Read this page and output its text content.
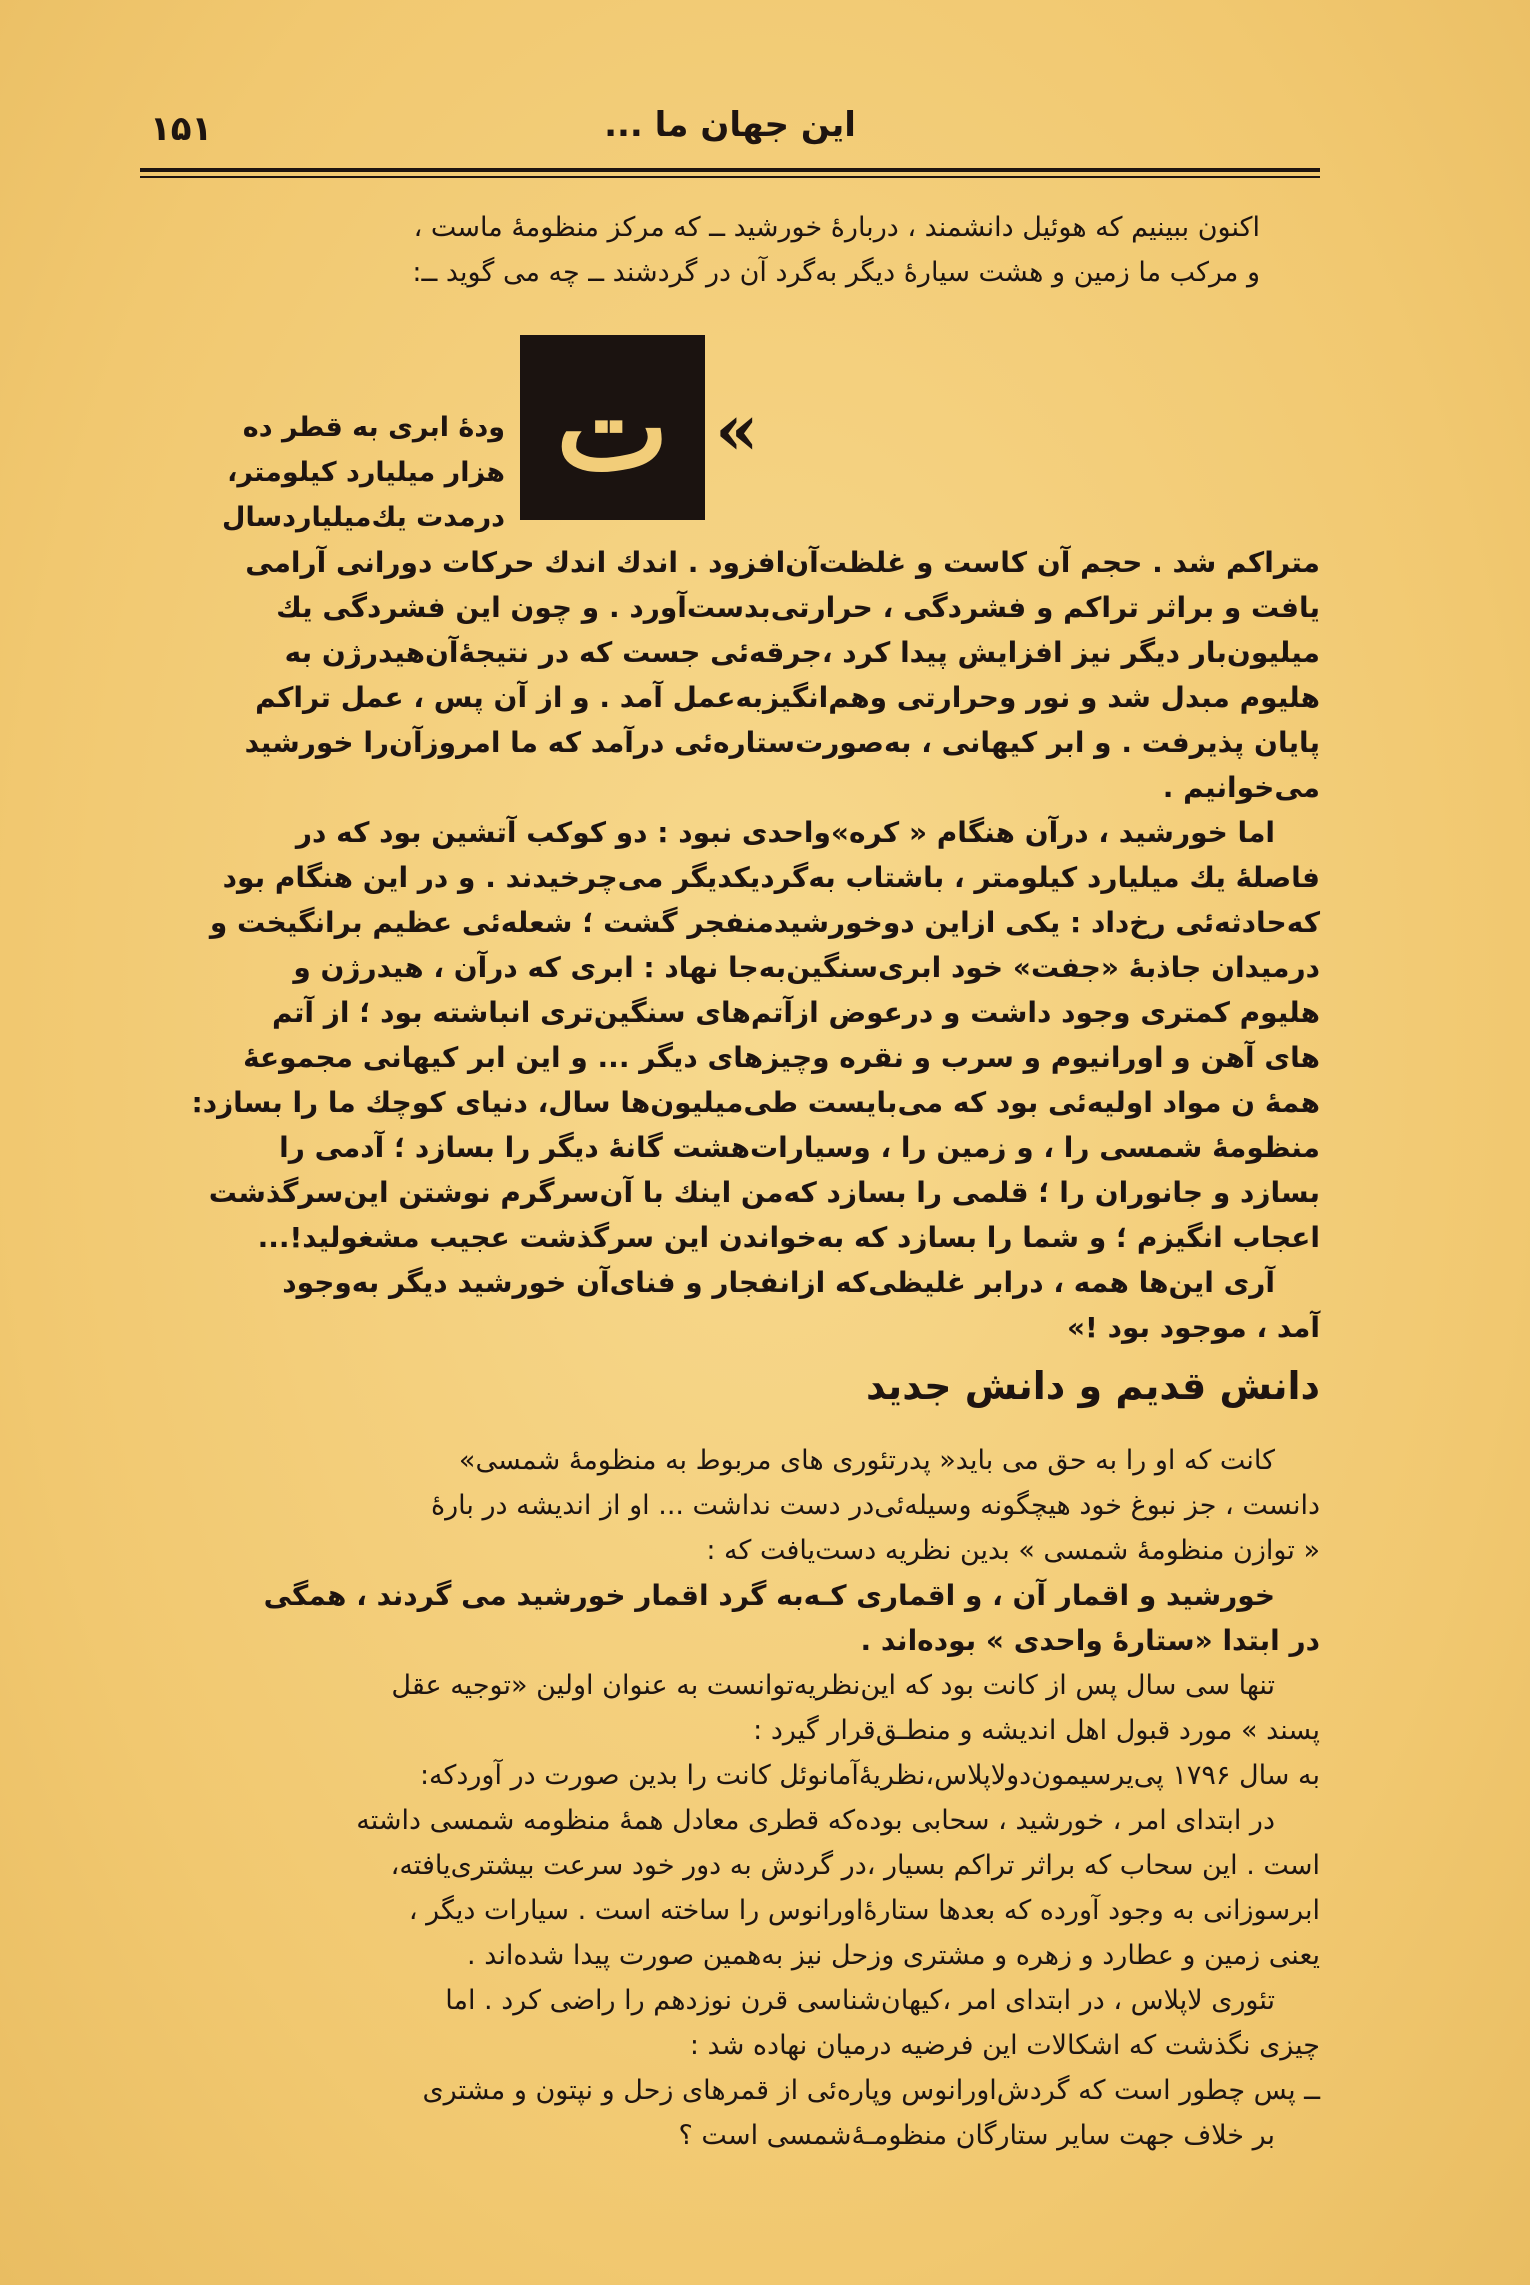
۱۵۱	این جهان ما ...

اکنون ببینیم که هوئیل دانشمند ، دربارهٔ خورشید ــ که مرکز منظومهٔ ماست ،

و مرکب ما زمین و هشت سیارهٔ دیگر به‌گرد آن در گردشند ــ چه می گوید ــ:

ودهٔ ابری به قطر ده

هزار میلیارد کیلومتر،

درمدت یك‌میلیاردسال

ت «

متراکم شد . حجم آن کاست و غلظت‌آن‌افزود . اندك اندك حرکات دورانی آرامی

یافت و براثر تراکم و فشردگی ، حرارتی‌بدست‌آورد . و چون این فشردگی یك

میلیون‌بار دیگر نیز افزایش پیدا کرد ،جرقه‌ئی جست که در نتیجهٔ‌آن‌هیدرژن به

هلیوم مبدل شد و نور وحرارتی وهم‌انگیزبه‌عمل آمد . و از آن پس ، عمل تراکم

پایان پذیرفت . و ابر کیهانی ، به‌صورت‌ستاره‌ئی درآمد که ما امروزآن‌را خورشید

می‌خوانیم .

اما خورشید ، درآن هنگام « کره»واحدی نبود : دو کوکب آتشین بود که در

فاصلهٔ یك میلیارد کیلومتر ، باشتاب به‌گردیکدیگر می‌چرخیدند . و در این هنگام بود

که‌حادثه‌ئی رخ‌داد : یکی ازاین دوخورشیدمنفجر گشت ؛ شعله‌ئی عظیم برانگیخت و

درمیدان جاذبهٔ «جفت» خود ابری‌سنگین‌به‌جا نهاد : ابری که درآن ، هیدرژن و

هلیوم کمتری وجود داشت و درعوض ازآتم‌های سنگین‌تری انباشته بود ؛ از آتم

های آهن و اورانیوم و سرب و نقره وچیزهای دیگر ... و این ابر کیهانی مجموعهٔ

همهٔ ن مواد اولیه‌ئی بود که می‌بایست طی‌میلیون‌ها سال، دنیای کوچك ما را بسازد:

منظومهٔ شمسی را ، و زمین را ، وسیارات‌هشت گانهٔ دیگر را بسازد ؛ آدمی را

بسازد و جانوران را ؛ قلمی را بسازد که‌من اینك با آن‌سرگرم نوشتن این‌سرگذشت

اعجاب انگیزم ؛ و شما را بسازد که به‌خواندن این سرگذشت عجیب مشغولید!...

آری این‌ها همه ، درابر غلیظی‌که ازانفجار و فنای‌آن خورشید دیگر به‌وجود

آمد ، موجود بود !»

دانش قدیم و دانش جدید

کانت که او را به حق می باید« پدرتئوری های مربوط به منظومهٔ شمسی»

دانست ، جز نبوغ خود هیچگونه وسیله‌ئی‌در دست نداشت ... او از اندیشه در بارهٔ

« توازن منظومهٔ شمسی » بدین نظریه دست‌یافت که :

خورشید و اقمار آن ، و اقماری کـه‌به گرد اقمار خورشید می گردند ، همگی

در ابتدا «ستارهٔ واحدی » بوده‌اند .

تنها سی سال پس از کانت بود که این‌نظریه‌توانست به عنوان اولین «توجیه عقل

پسند » مورد قبول اهل اندیشه و منطـق‌قرار گیرد :

به سال ۱۷۹۶ پی‌یرسیمون‌دولاپلاس،نظریهٔ‌آمانوئل کانت را بدین صورت در آورد‌که:

در ابتدای امر ، خورشید ، سحابی بوده‌که قطری معادل همهٔ منظومه شمسی داشته

است . این سحاب که براثر تراکم بسیار ،در گردش به دور خود سرعت بیشتری‌یافته،

ابرسوزانی به وجود آورده که بعدها ستارهٔ‌اورانوس را ساخته است . سیارات دیگر ،

یعنی زمین و عطارد و زهره و مشتری وزحل نیز به‌همین صورت پیدا شده‌اند .

تئوری لاپلاس ، در ابتدای امر ،کیهان‌شناسی قرن نوزدهم را راضی کرد . اما

چیزی نگذشت که اشکالات این فرضیه درمیان نهاده شد :

ــ پس چطور است که گردش‌اورانوس وپاره‌ئی از قمرهای زحل و نپتون و مشتری

بر خلاف جهت سایر ستارگان منظومـهٔ‌شمسی است ؟
